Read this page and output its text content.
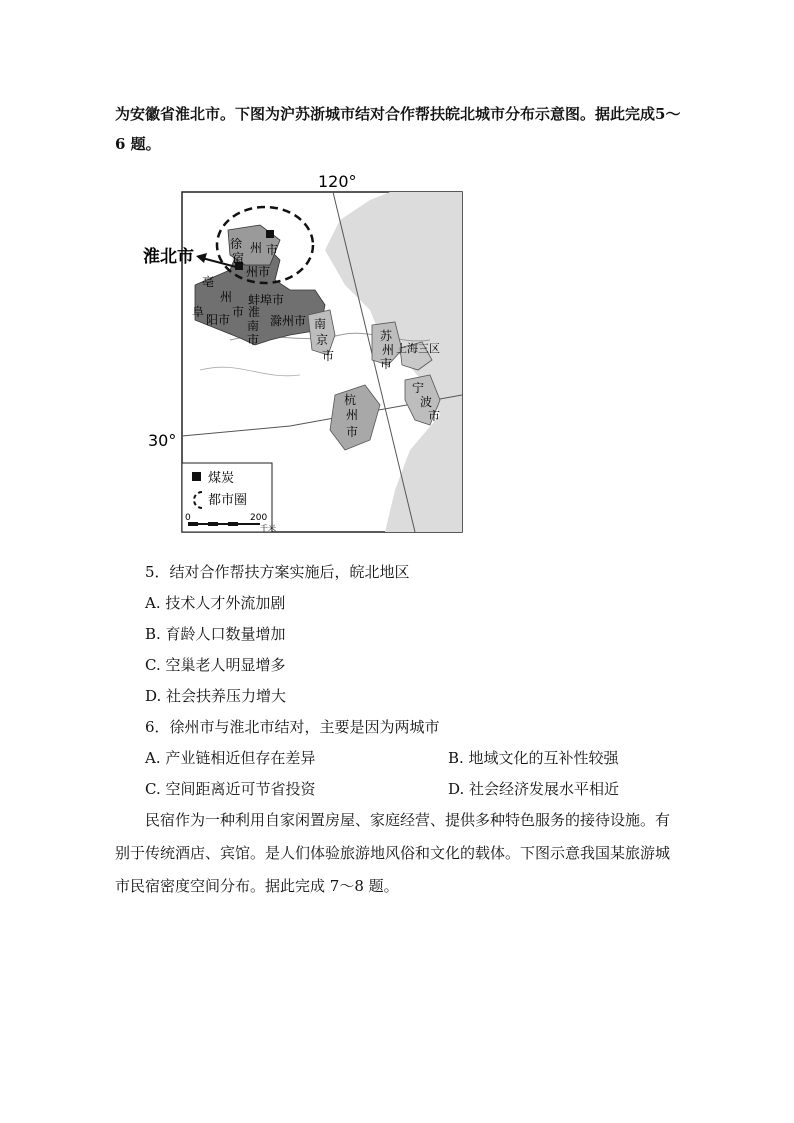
为安徽省淮北市。下图为沪苏浙城市结对合作帮扶皖北城市分布示意图。据此完成5～
6 题。
120°
30°
淮北市
徐 州 市
宿
州市
亳
州
市
阜
阳市
淮
南
市
蚌埠市
滁州市 南
京
市
苏
州
市
上海三区
杭
州
市
宁
波
市
煤炭
都市圈
0	200
千米
5．结对合作帮扶方案实施后，皖北地区
A. 技术人才外流加剧
B. 育龄人口数量增加
C. 空巢老人明显增多
D. 社会扶养压力增大
6．徐州市与淮北市结对，主要是因为两城市
A. 产业链相近但存在差异	B. 地域文化的互补性较强
C. 空间距离近可节省投资	D. 社会经济发展水平相近
民宿作为一种利用自家闲置房屋、家庭经营、提供多种特色服务的接待设施。有
别于传统酒店、宾馆。是人们体验旅游地风俗和文化的载体。下图示意我国某旅游城
市民宿密度空间分布。据此完成 7～8 题。
